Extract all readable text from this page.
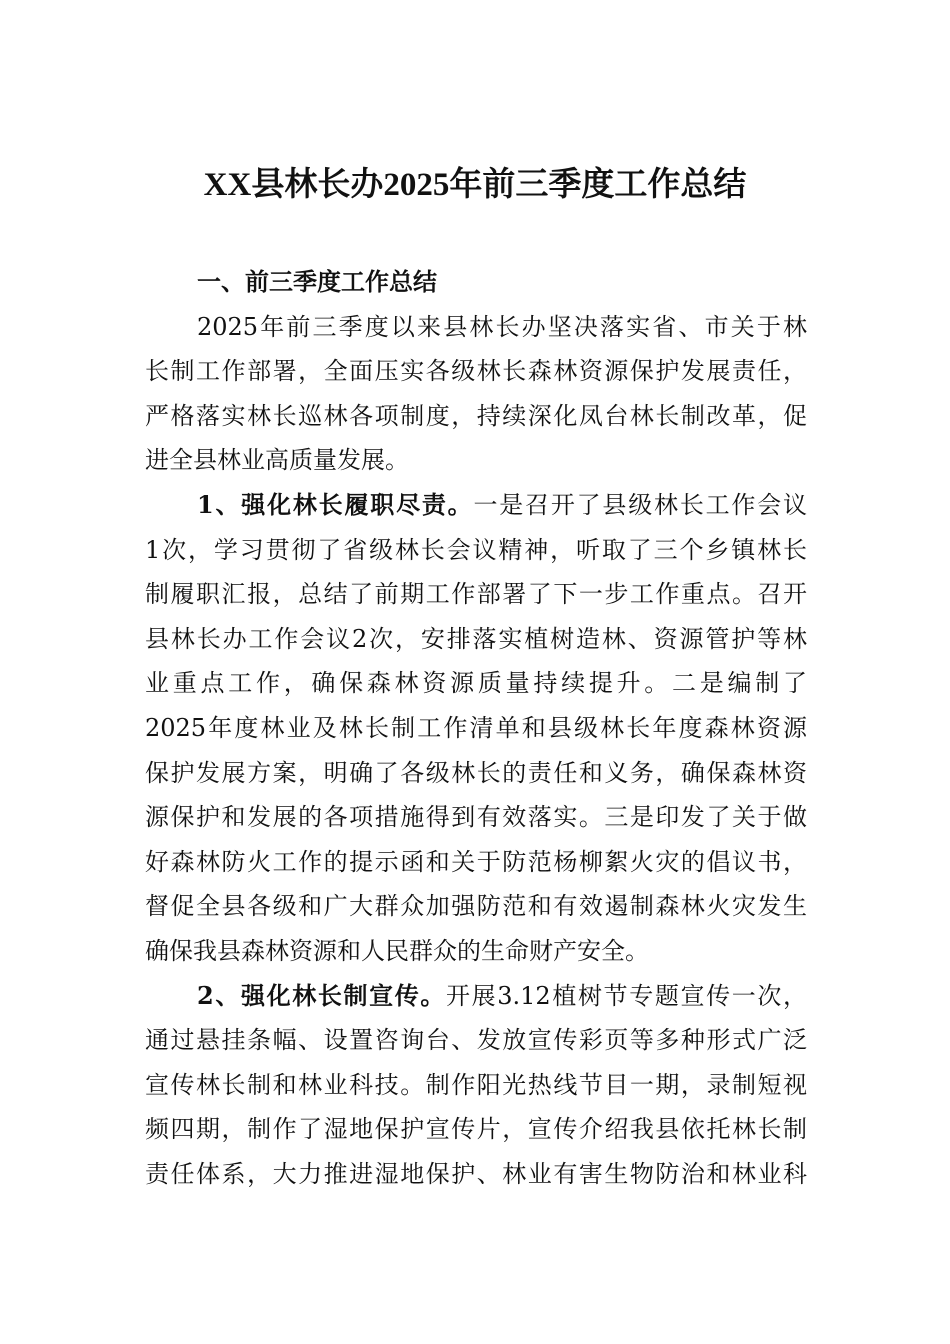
XX县林长办2025年前三季度工作总结
一、前三季度工作总结
2025年前三季度以来县林长办坚决落实省、市关于林
长制工作部署，全面压实各级林长森林资源保护发展责任，
严格落实林长巡林各项制度，持续深化凤台林长制改革，促
进全县林业高质量发展。
1、强化林长履职尽责。一是召开了县级林长工作会议
1次，学习贯彻了省级林长会议精神，听取了三个乡镇林长
制履职汇报，总结了前期工作部署了下一步工作重点。召开
县林长办工作会议2次，安排落实植树造林、资源管护等林
业重点工作，确保森林资源质量持续提升。二是编制了
2025年度林业及林长制工作清单和县级林长年度森林资源
保护发展方案，明确了各级林长的责任和义务，确保森林资
源保护和发展的各项措施得到有效落实。三是印发了关于做
好森林防火工作的提示函和关于防范杨柳絮火灾的倡议书，
督促全县各级和广大群众加强防范和有效遏制森林火灾发生
确保我县森林资源和人民群众的生命财产安全。
2、强化林长制宣传。开展3.12植树节专题宣传一次，
通过悬挂条幅、设置咨询台、发放宣传彩页等多种形式广泛
宣传林长制和林业科技。制作阳光热线节目一期，录制短视
频四期，制作了湿地保护宣传片，宣传介绍我县依托林长制
责任体系，大力推进湿地保护、林业有害生物防治和林业科
